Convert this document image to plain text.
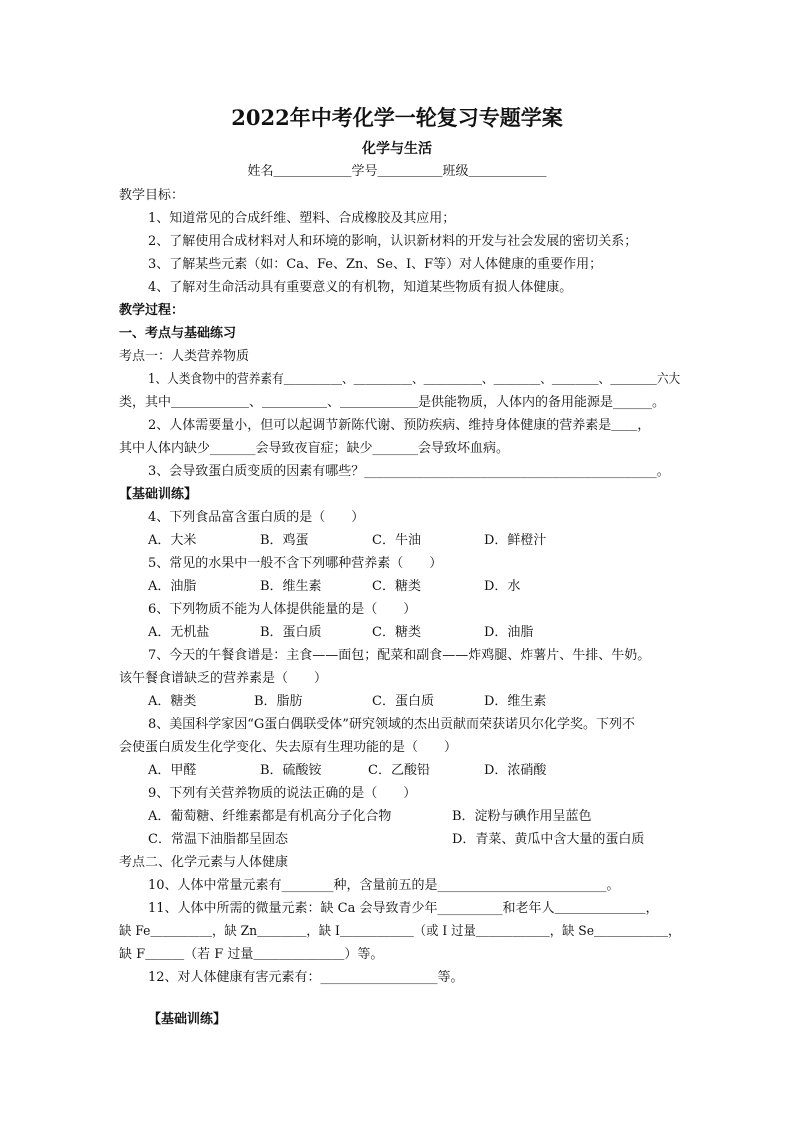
2022年中考化学一轮复习专题学案
化学与生活
姓名＿＿＿＿＿＿学号＿＿＿＿＿班级＿＿＿＿＿＿
教学目标：
1、知道常见的合成纤维、塑料、合成橡胶及其应用；
2、了解使用合成材料对人和环境的影响，认识新材料的开发与社会发展的密切关系；
3、了解某些元素（如：Ca、Fe、Zn、Se、I、F等）对人体健康的重要作用；
4、了解对生命活动具有重要意义的有机物，知道某些物质有损人体健康。
教学过程：
一、考点与基础练习
考点一：人类营养物质
1、人类食物中的营养素有＿＿＿＿＿、＿＿＿＿＿、＿＿＿＿＿、＿＿＿＿、＿＿＿＿、＿＿＿＿六大
类，其中＿＿＿＿＿＿、＿＿＿＿＿、＿＿＿＿＿＿是供能物质，人体内的备用能源是______。
2、人体需要量小，但可以起调节新陈代谢、预防疾病、维持身体健康的营养素是＿＿，
其中人体内缺少_______会导致夜盲症；缺少_______会导致坏血病。
3、会导致蛋白质变质的因素有哪些？_____________________________________________。
【基础训练】
4、下列食品富含蛋白质的是（　　）
A．大米	B．鸡蛋	C．牛油	D．鲜橙汁
5、常见的水果中一般不含下列哪种营养素（　　）
A．油脂	B．维生素	C．糖类	D．水
6、下列物质不能为人体提供能量的是（　　）
A．无机盐	B．蛋白质	C．糖类	D．油脂
7、今天的午餐食谱是：主食——面包；配菜和副食——炸鸡腿、炸薯片、牛排、牛奶。
该午餐食谱缺乏的营养素是（　　）
A．糖类	B．脂肪	C．蛋白质	D．维生素
8、美国科学家因“G蛋白偶联受体”研究领域的杰出贡献而荣获诺贝尔化学奖。下列不
会使蛋白质发生化学变化、失去原有生理功能的是（　　）
A．甲醛	B．硫酸铵	C．乙酸铅	D．浓硝酸
9、下列有关营养物质的说法正确的是（　　）
A．葡萄糖、纤维素都是有机高分子化合物	B．淀粉与碘作用呈蓝色
C．常温下油脂都呈固态	D．青菜、黄瓜中含大量的蛋白质
考点二、化学元素与人体健康
10、人体中常量元素有________种，含量前五的是__________________________。
11、人体中所需的微量元素：缺 Ca 会导致青少年__________和老年人＿＿＿＿＿＿＿，
缺 Fe＿＿＿＿＿，缺 Zn＿＿＿＿，缺 I＿＿＿＿＿＿（或 I 过量＿＿＿＿＿＿，缺 Se＿＿＿＿＿＿，
缺 F＿＿＿（若 F 过量＿＿＿＿＿＿＿）等。
12、对人体健康有害元素有：__________________等。
【基础训练】
